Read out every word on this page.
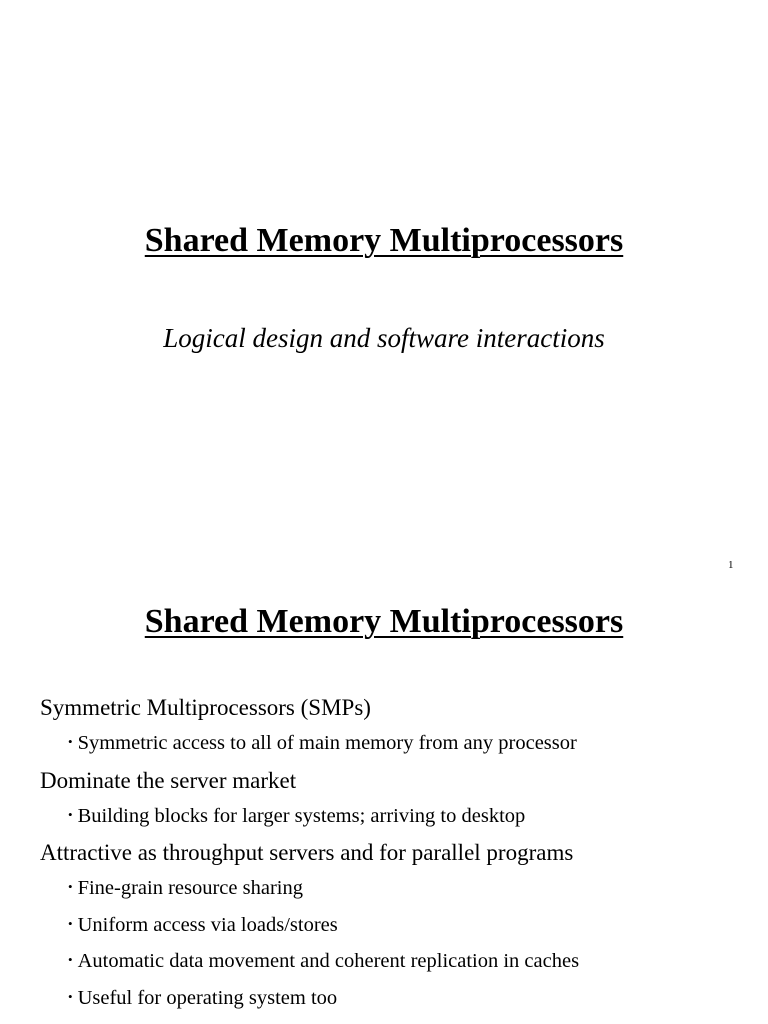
Shared Memory Multiprocessors
Logical design and software interactions
1
Shared Memory Multiprocessors
Symmetric Multiprocessors (SMPs)
• Symmetric access to all of main memory from any processor
Dominate the server market
• Building blocks for larger systems; arriving to desktop
Attractive as throughput servers and for parallel programs
• Fine-grain resource sharing
• Uniform access via loads/stores
• Automatic data movement and coherent replication in caches
• Useful for operating system too
